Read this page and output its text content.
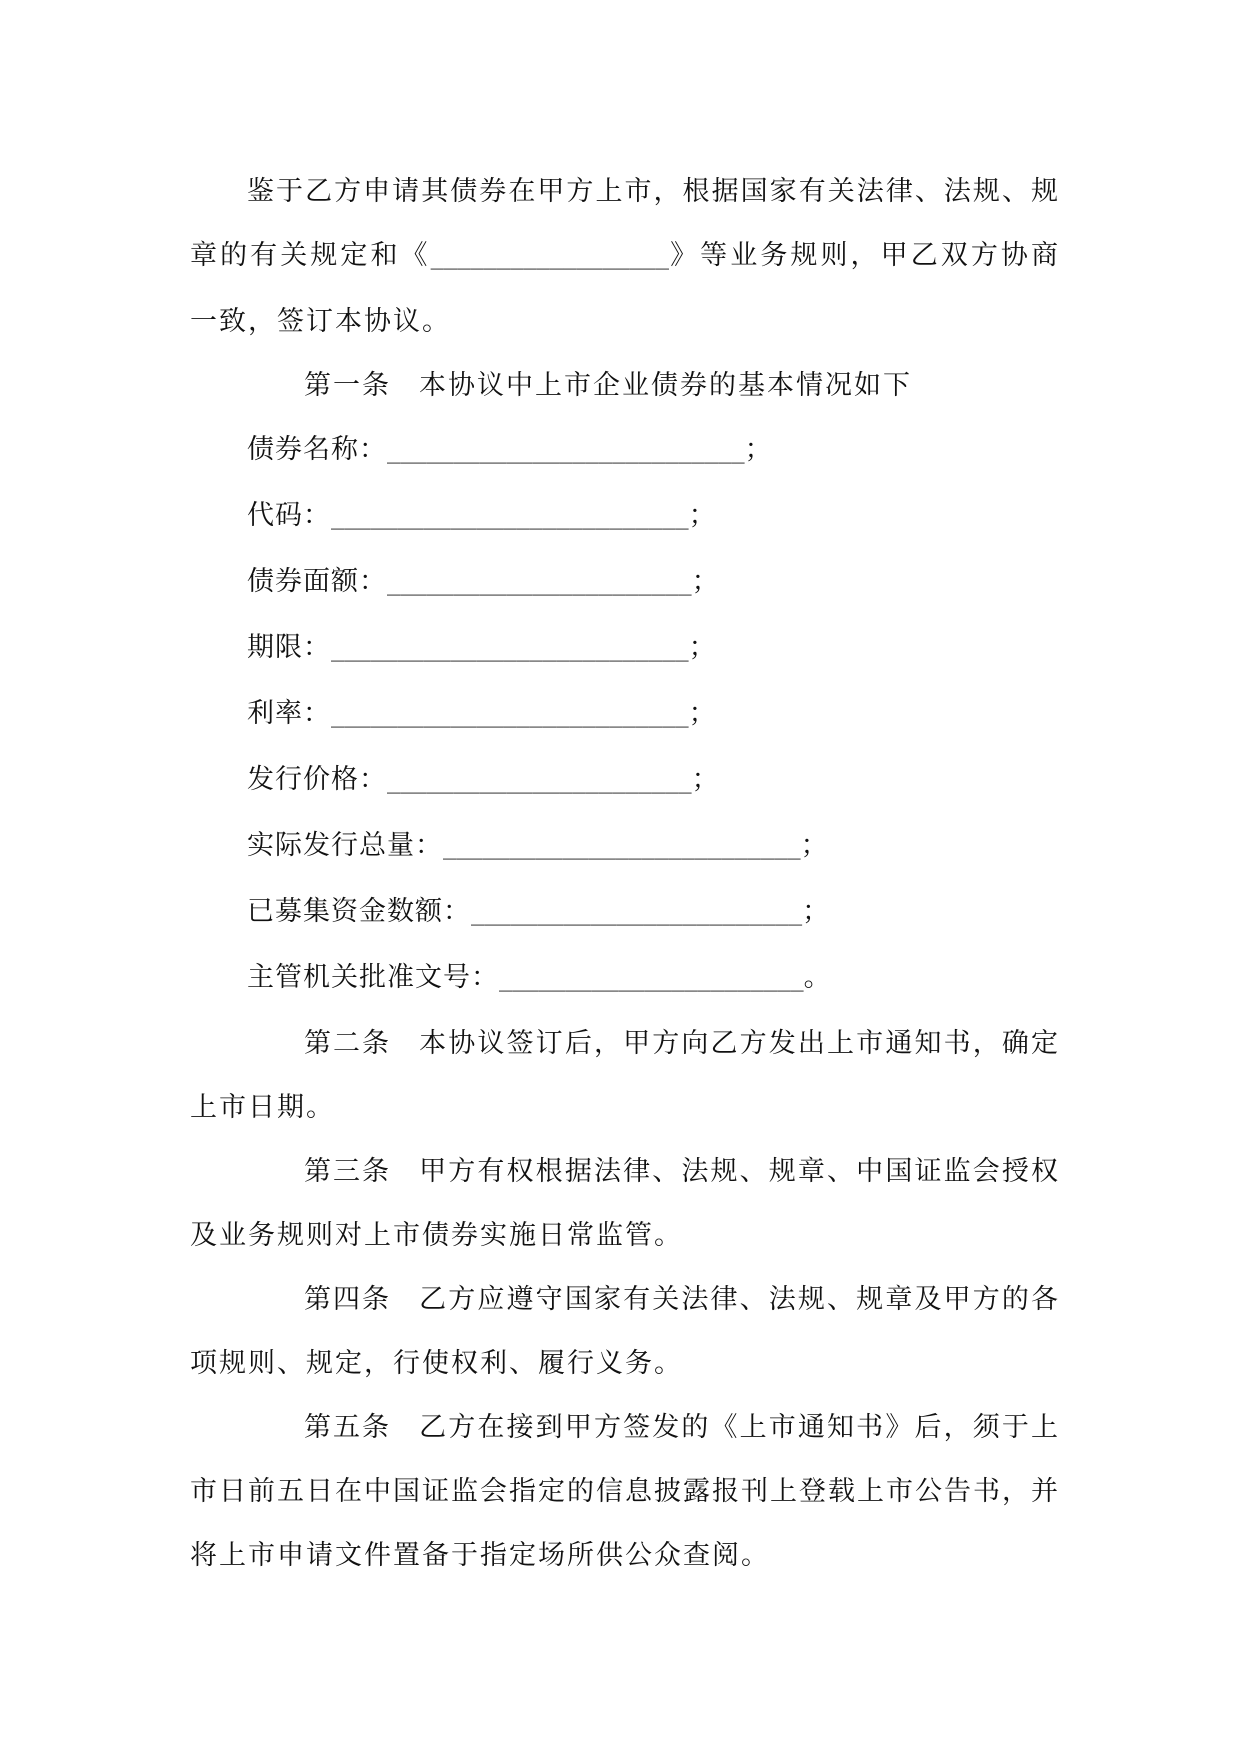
鉴于乙方申请其债券在甲方上市，根据国家有关法律、法规、规章的有关规定和《__________________》等业务规则，甲乙双方协商一致，签订本协议。

第一条 本协议中上市企业债券的基本情况如下

债券名称：___________________________；

代码：___________________________；

债券面额：_______________________；

期限：___________________________；

利率：___________________________；

发行价格：_______________________；

实际发行总量：___________________________；

已募集资金数额：_________________________；

主管机关批准文号：_______________________。

第二条 本协议签订后，甲方向乙方发出上市通知书，确定上市日期。

第三条 甲方有权根据法律、法规、规章、中国证监会授权及业务规则对上市债券实施日常监管。

第四条 乙方应遵守国家有关法律、法规、规章及甲方的各项规则、规定，行使权利、履行义务。

第五条 乙方在接到甲方签发的《上市通知书》后，须于上市日前五日在中国证监会指定的信息披露报刊上登载上市公告书，并将上市申请文件置备于指定场所供公众查阅。
